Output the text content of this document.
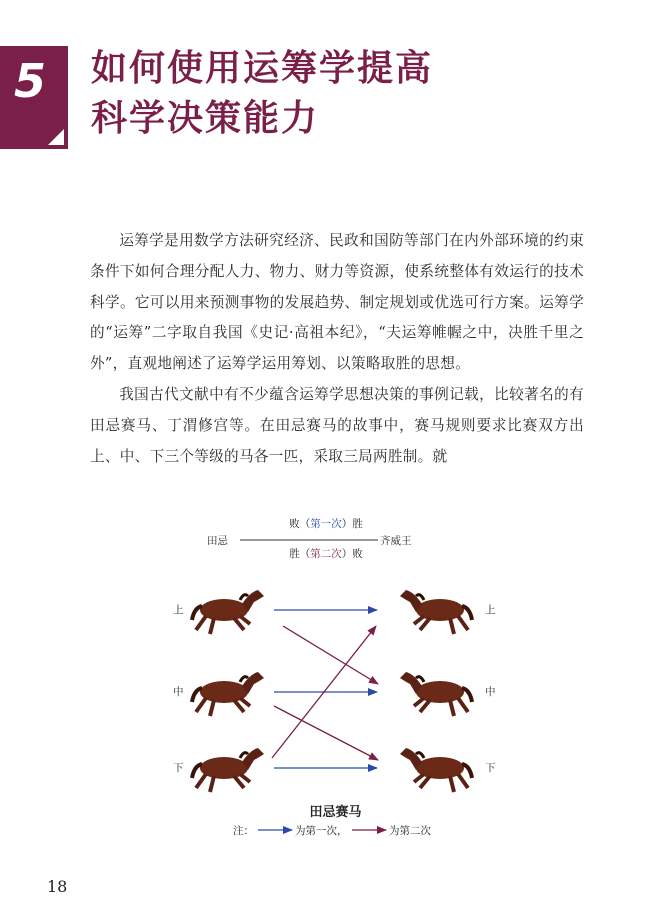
5 如何使用运筹学提高
科学决策能力

运筹学是用数学方法研究经济、民政和国防等部门在内外部环境的约束条件下如何合理分配人力、物力、财力等资源，使系统整体有效运行的技术科学。它可以用来预测事物的发展趋势、制定规划或优选可行方案。运筹学的“运筹”二字取自我国《史记·高祖本纪》，“夫运筹帷幄之中，决胜千里之外”，直观地阐述了运筹学运用筹划、以策略取胜的思想。

我国古代文献中有不少蕴含运筹学思想决策的事例记载，比较著名的有田忌赛马、丁渭修宫等。在田忌赛马的故事中，赛马规则要求比赛双方出上、中、下三个等级的马各一匹，采取三局两胜制。就

败（第一次）胜
田忌	齐威王
胜（第二次）败
上
中
下
上
中
下
注：	为第一次，	为第二次
田忌赛马
18
